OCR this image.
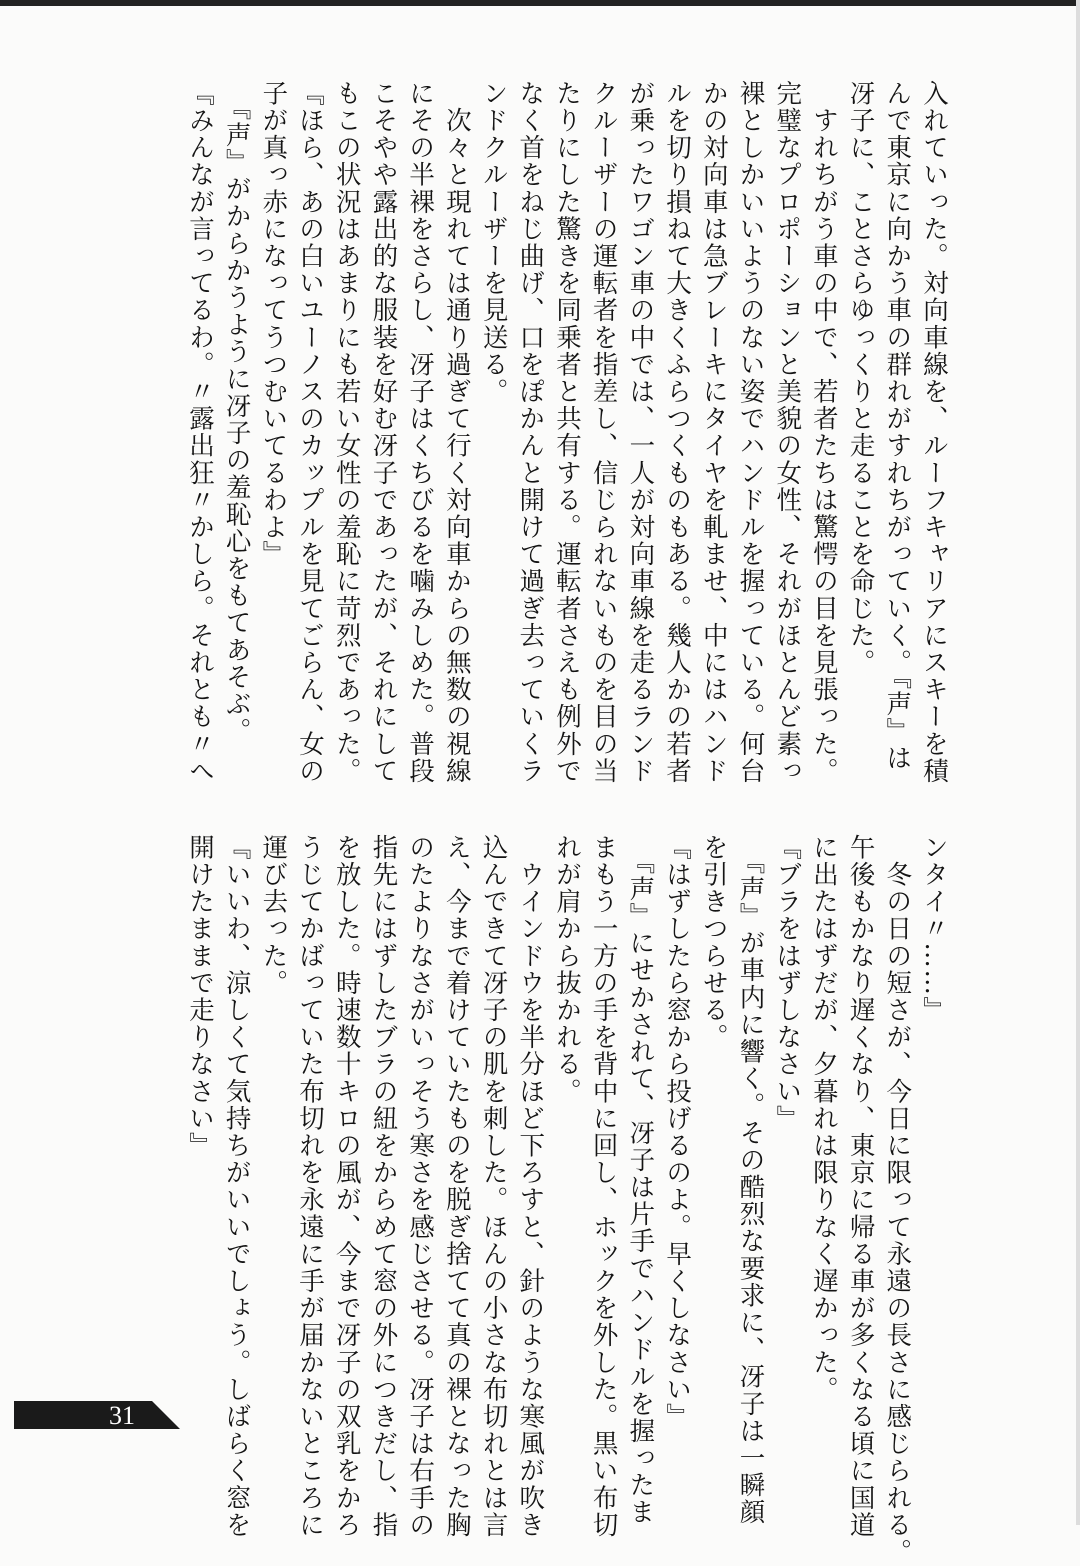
入れていった。対向車線を、ルーフキャリアにスキーを積
んで東京に向かう車の群れがすれちがっていく。『声』は
冴子に、ことさらゆっくりと走ることを命じた。
　すれちがう車の中で、若者たちは驚愕の目を見張った。
完璧なプロポーションと美貌の女性、それがほとんど素っ
裸としかいいようのない姿でハンドルを握っている。何台
かの対向車は急ブレーキにタイヤを軋ませ、中にはハンド
ルを切り損ねて大きくふらつくものもある。幾人かの若者
が乗ったワゴン車の中では、一人が対向車線を走るランド
クルーザーの運転者を指差し、信じられないものを目の当
たりにした驚きを同乗者と共有する。運転者さえも例外で
なく首をねじ曲げ、口をぽかんと開けて過ぎ去っていくラ
ンドクルーザーを見送る。
　次々と現れては通り過ぎて行く対向車からの無数の視線
にその半裸をさらし、冴子はくちびるを噛みしめた。普段
こそやや露出的な服装を好む冴子であったが、それにして
もこの状況はあまりにも若い女性の羞恥に苛烈であった。
『ほら、あの白いユーノスのカップルを見てごらん、女の
子が真っ赤になってうつむいてるわよ』
　『声』がからかうように冴子の羞恥心をもてあそぶ。
『みんなが言ってるわ。〃露出狂〃かしら。それとも〃へ
ンタイ〃……』
　冬の日の短さが、今日に限って永遠の長さに感じられる。
午後もかなり遅くなり、東京に帰る車が多くなる頃に国道
に出たはずだが、夕暮れは限りなく遅かった。
『ブラをはずしなさい』
　『声』が車内に響く。その酷烈な要求に、冴子は一瞬顔
を引きつらせる。
『はずしたら窓から投げるのよ。早くしなさい』
　『声』にせかされて、冴子は片手でハンドルを握ったま
まもう一方の手を背中に回し、ホックを外した。黒い布切
れが肩から抜かれる。
　ウインドウを半分ほど下ろすと、針のような寒風が吹き
込んできて冴子の肌を刺した。ほんの小さな布切れとは言
え、今まで着けていたものを脱ぎ捨てて真の裸となった胸
のたよりなさがいっそう寒さを感じさせる。冴子は右手の
指先にはずしたブラの紐をからめて窓の外につきだし、指
を放した。時速数十キロの風が、今まで冴子の双乳をかろ
うじてかばっていた布切れを永遠に手が届かないところに
運び去った。
『いいわ、涼しくて気持ちがいいでしょう。しばらく窓を
開けたままで走りなさい』
31
